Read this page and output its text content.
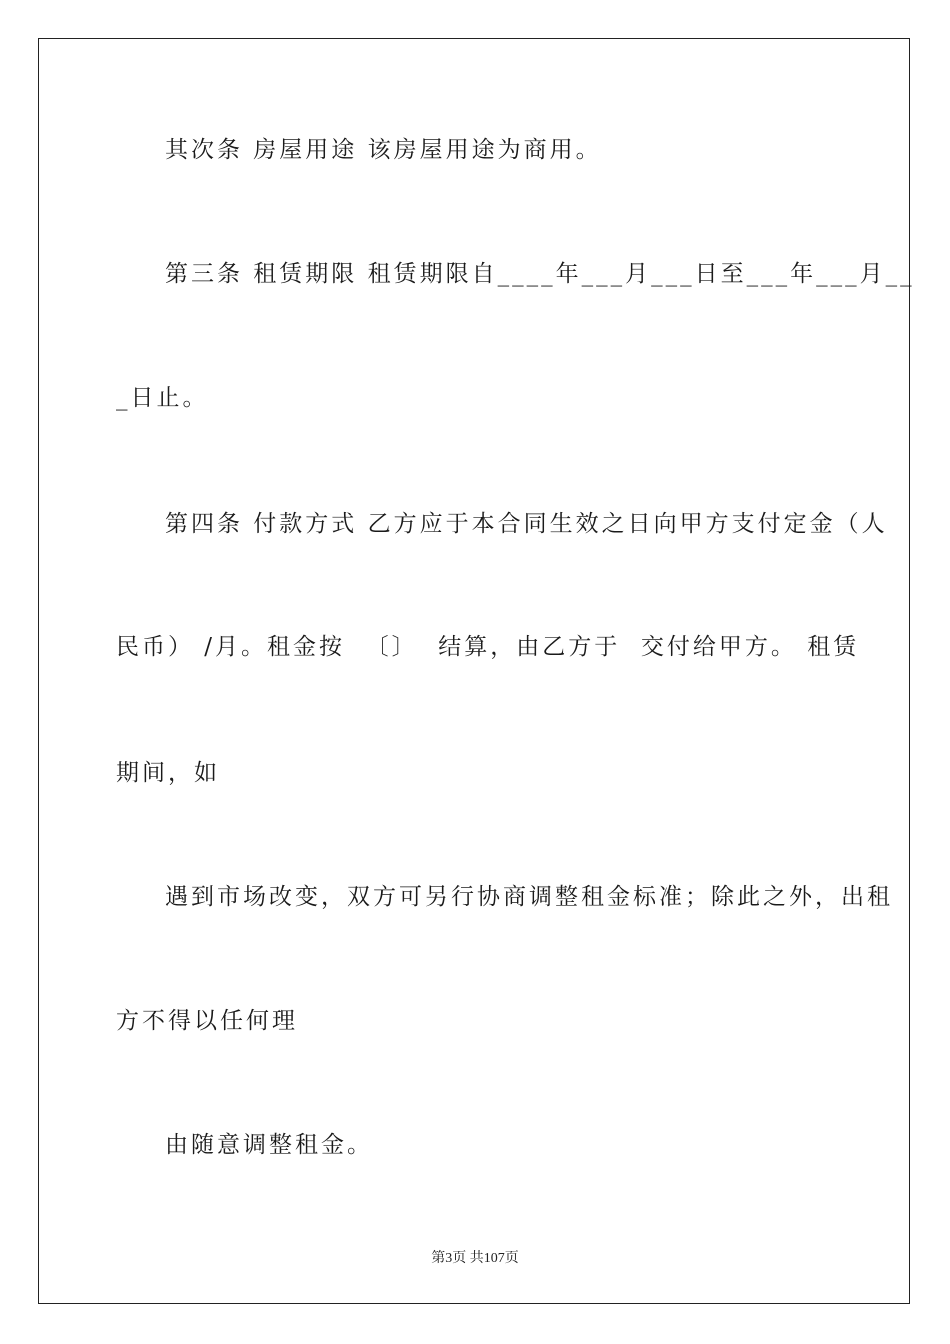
其次条 房屋用途 该房屋用途为商用。
第三条 租赁期限 租赁期限自____年___月___日至___年___月__
_日止。
第四条 付款方式 乙方应于本合同生效之日向甲方支付定金（人
民币） /月。租金按  〔〕  结算，由乙方于  交付给甲方。 租赁
期间，如
遇到市场改变，双方可另行协商调整租金标准；除此之外，出租
方不得以任何理
由随意调整租金。
第3页 共107页
